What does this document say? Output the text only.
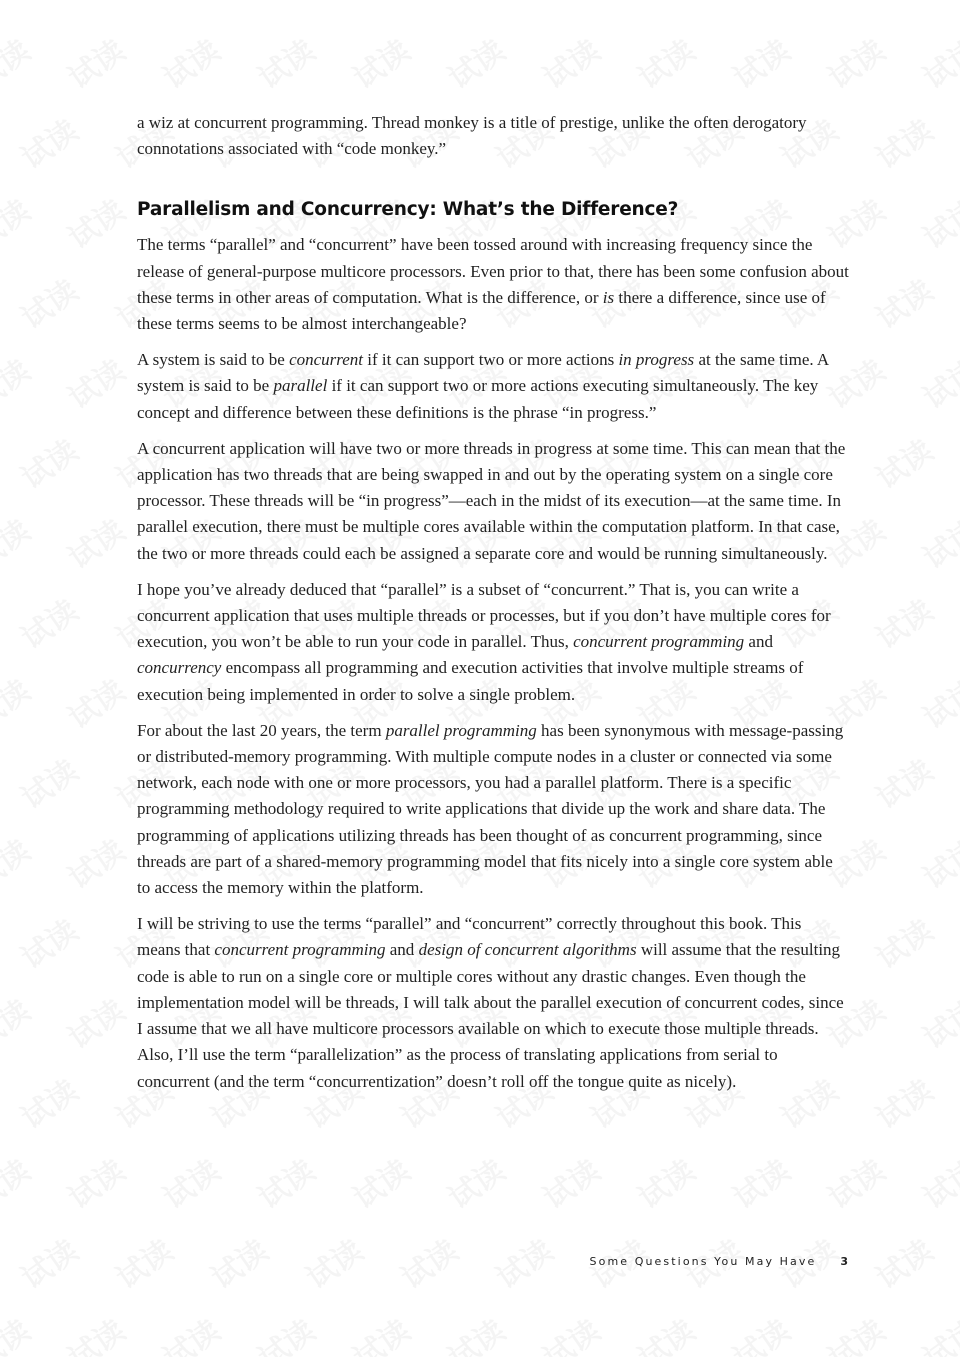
a wiz at concurrent programming. Thread monkey is a title of prestige, unlike the often derogatory connotations associated with “code monkey.”

Parallelism and Concurrency: What’s the Difference?

The terms “parallel” and “concurrent” have been tossed around with increasing frequency since the release of general-purpose multicore processors. Even prior to that, there has been some confusion about these terms in other areas of computation. What is the difference, or is there a difference, since use of these terms seems to be almost interchangeable?

A system is said to be concurrent if it can support two or more actions in progress at the same time. A system is said to be parallel if it can support two or more actions executing simultaneously. The key concept and difference between these definitions is the phrase “in progress.”

A concurrent application will have two or more threads in progress at some time. This can mean that the application has two threads that are being swapped in and out by the operating system on a single core processor. These threads will be “in progress”—each in the midst of its execution—at the same time. In parallel execution, there must be multiple cores available within the computation platform. In that case, the two or more threads could each be assigned a separate core and would be running simultaneously.

I hope you’ve already deduced that “parallel” is a subset of “concurrent.” That is, you can write a concurrent application that uses multiple threads or processes, but if you don’t have multiple cores for execution, you won’t be able to run your code in parallel. Thus, concurrent programming and concurrency encompass all programming and execution activities that involve multiple streams of execution being implemented in order to solve a single problem.

For about the last 20 years, the term parallel programming has been synonymous with message-passing or distributed-memory programming. With multiple compute nodes in a cluster or connected via some network, each node with one or more processors, you had a parallel platform. There is a specific programming methodology required to write applications that divide up the work and share data. The programming of applications utilizing threads has been thought of as concurrent programming, since threads are part of a shared-memory programming model that fits nicely into a single core system able to access the memory within the platform.

I will be striving to use the terms “parallel” and “concurrent” correctly throughout this book. This means that concurrent programming and design of concurrent algorithms will assume that the resulting code is able to run on a single core or multiple cores without any drastic changes. Even though the implementation model will be threads, I will talk about the parallel execution of concurrent codes, since I assume that we all have multicore processors available on which to execute those multiple threads. Also, I’ll use the term “parallelization” as the process of translating applications from serial to concurrent (and the term “concurrentization” doesn’t roll off the tongue quite as nicely).

Some Questions You May Have 3
